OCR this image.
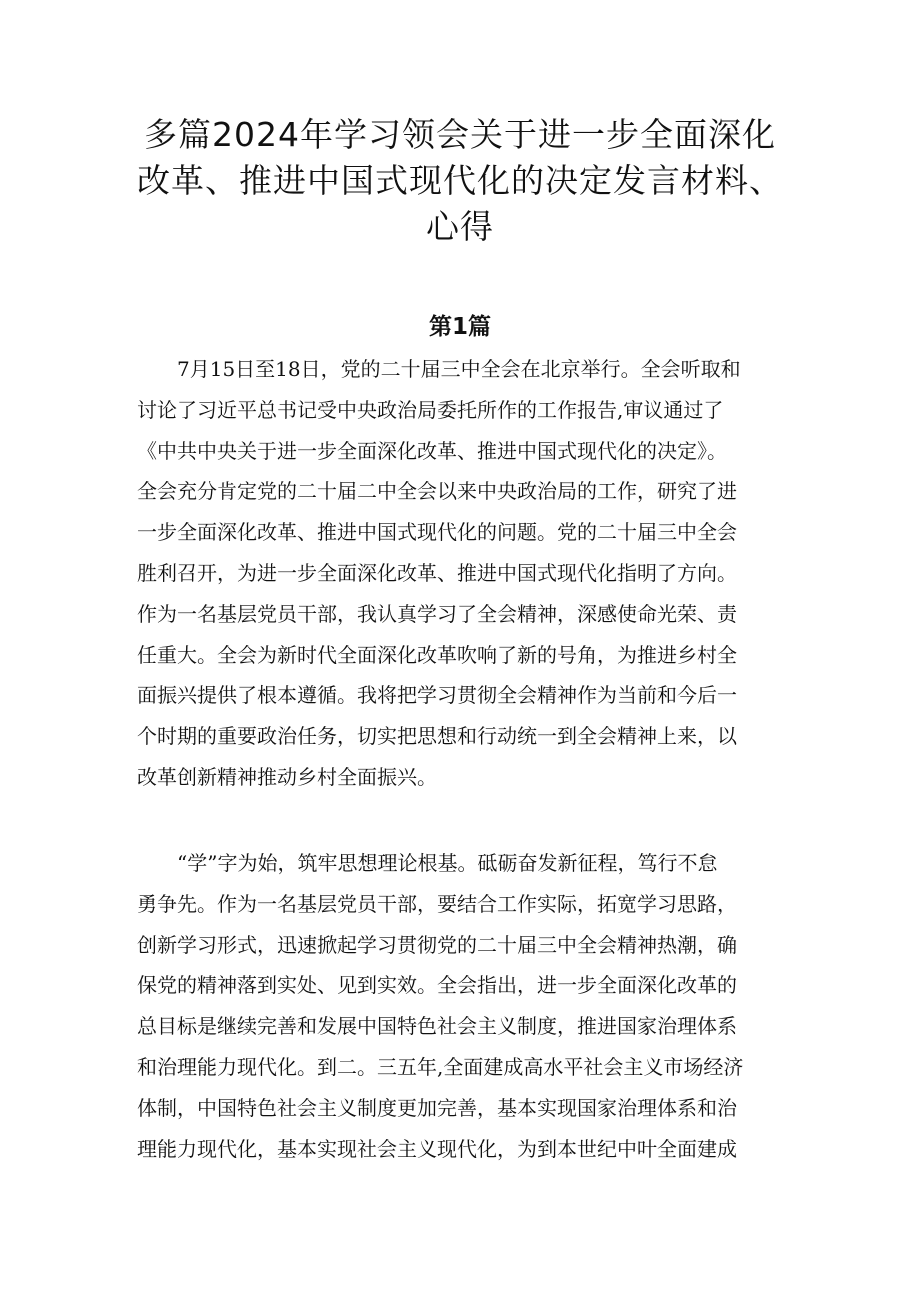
多篇2024年学习领会关于进一步全面深化
改革、推进中国式现代化的决定发言材料、
心得
第1篇
　　7月15日至18日，党的二十届三中全会在北京举行。全会听取和
讨论了习近平总书记受中央政治局委托所作的工作报告,审议通过了
《中共中央关于进一步全面深化改革、推进中国式现代化的决定》。
全会充分肯定党的二十届二中全会以来中央政治局的工作，研究了进
一步全面深化改革、推进中国式现代化的问题。党的二十届三中全会
胜利召开，为进一步全面深化改革、推进中国式现代化指明了方向。
作为一名基层党员干部，我认真学习了全会精神，深感使命光荣、责
任重大。全会为新时代全面深化改革吹响了新的号角，为推进乡村全
面振兴提供了根本遵循。我将把学习贯彻全会精神作为当前和今后一
个时期的重要政治任务，切实把思想和行动统一到全会精神上来，以
改革创新精神推动乡村全面振兴。
　　“学”字为始，筑牢思想理论根基。砥砺奋发新征程，笃行不怠
勇争先。作为一名基层党员干部，要结合工作实际，拓宽学习思路，
创新学习形式，迅速掀起学习贯彻党的二十届三中全会精神热潮，确
保党的精神落到实处、见到实效。全会指出，进一步全面深化改革的
总目标是继续完善和发展中国特色社会主义制度，推进国家治理体系
和治理能力现代化。到二。三五年,全面建成高水平社会主义市场经济
体制，中国特色社会主义制度更加完善，基本实现国家治理体系和治
理能力现代化，基本实现社会主义现代化，为到本世纪中叶全面建成
